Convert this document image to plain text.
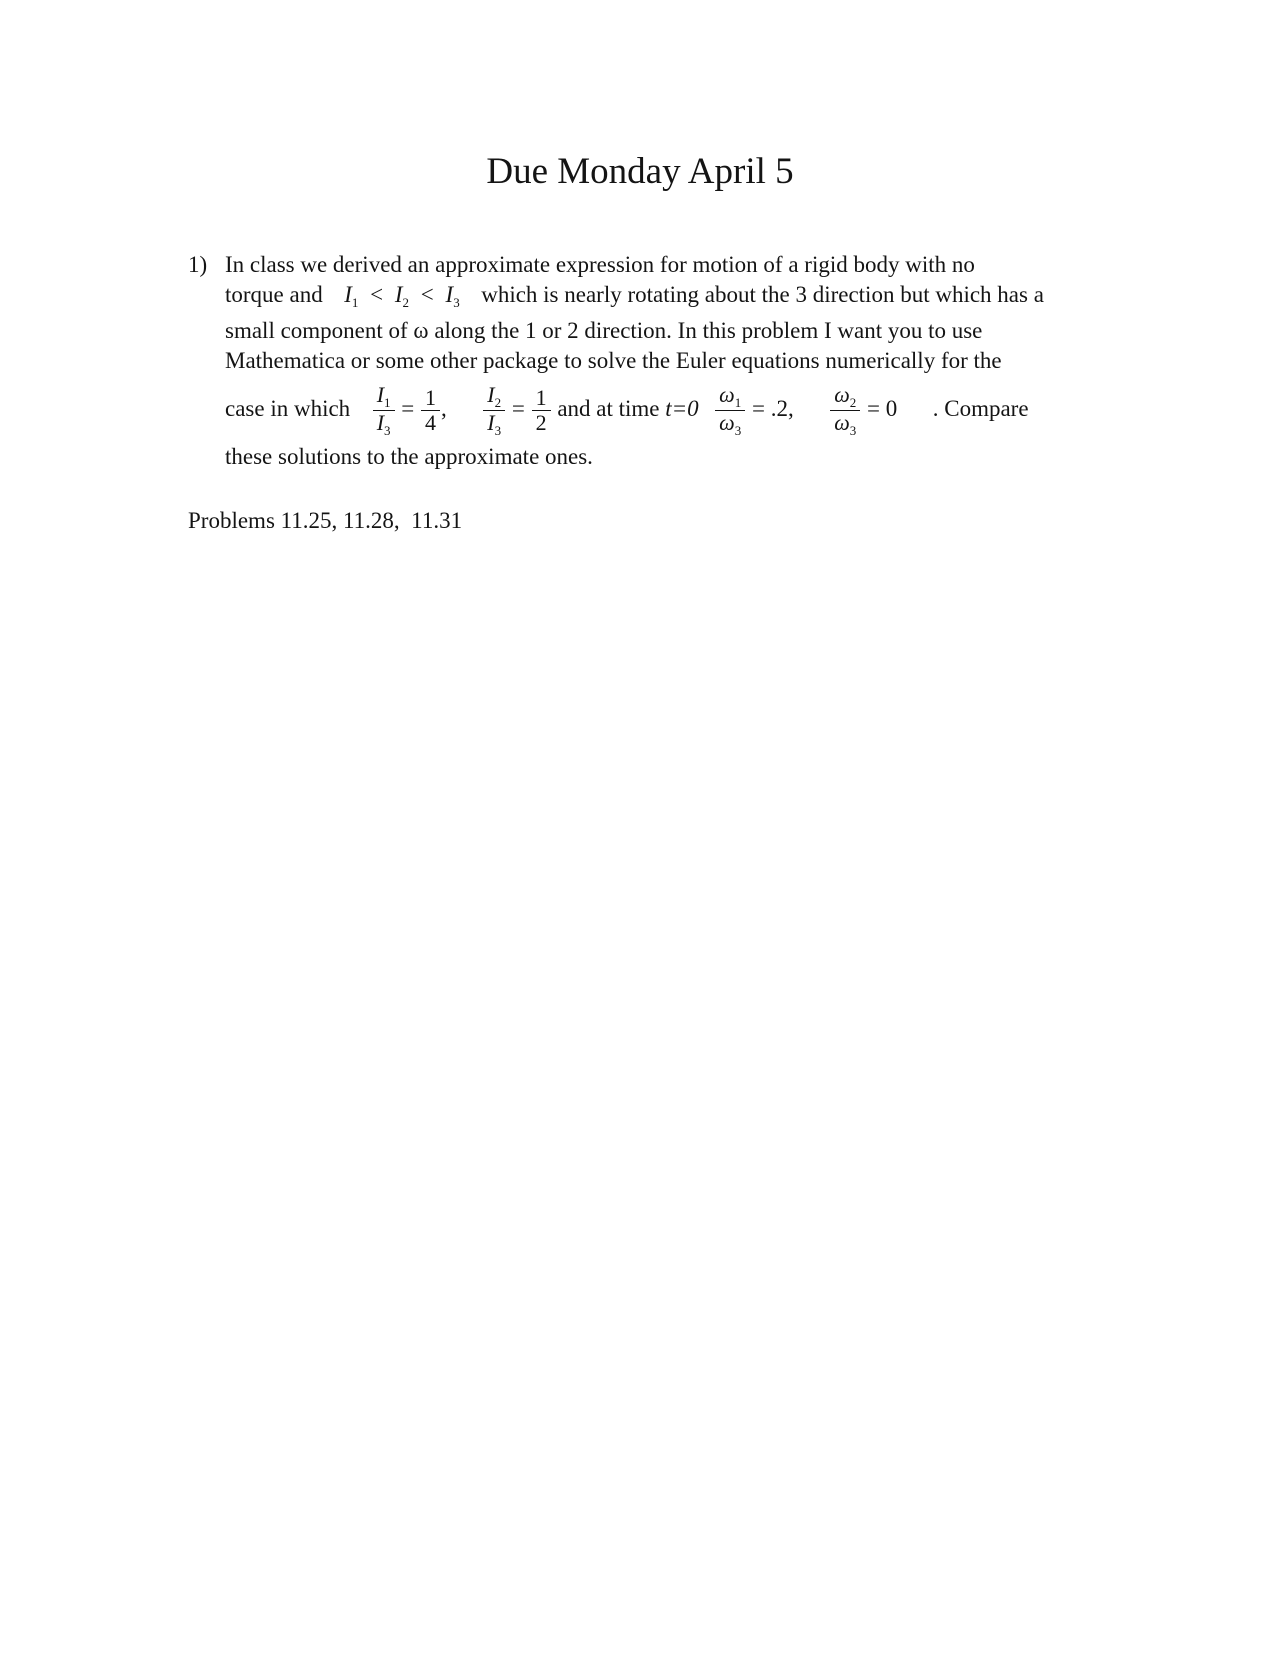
Due Monday April 5
1) In class we derived an approximate expression for motion of a rigid body with no
torque and $I_1 < I_2 < I_3$ which is nearly rotating about the 3 direction but which has a
small component of ω along the 1 or 2 direction. In this problem I want you to use
Mathematica or some other package to solve the Euler equations numerically for the
case in which $\frac{I_1}{I_3} = \frac{1}{4}$ , $\frac{I_2}{I_3} = \frac{1}{2}$ and at time $t=0 \frac{\omega_1}{\omega_3} = .2$, $\frac{\omega_2}{\omega_3} = 0$ . Compare
these solutions to the approximate ones.
Problems 11.25, 11.28,  11.31
